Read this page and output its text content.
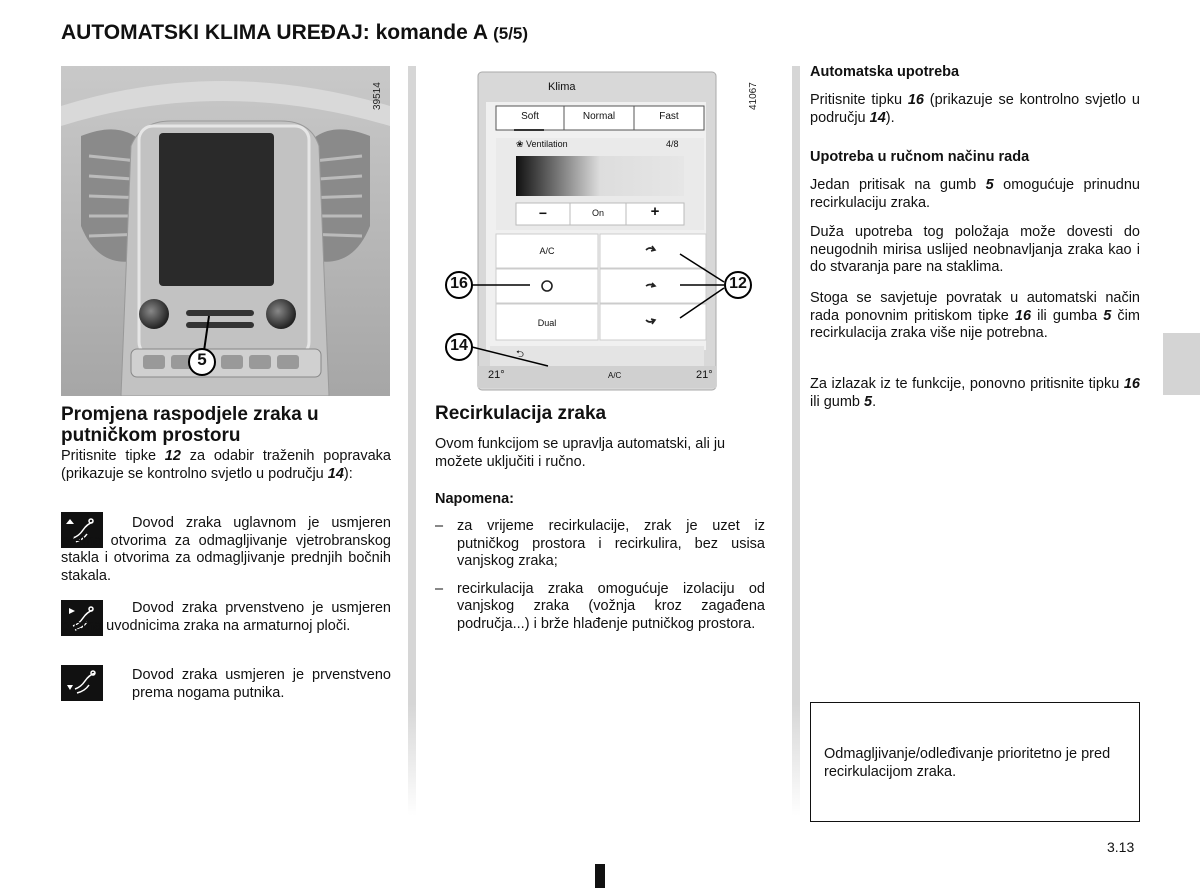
AUTOMATSKI KLIMA UREĐAJ: komande A (5/5)
5
39514	Klima
Soft	Normal	Fast
❀ Ventilation	4/8
−	On	+
A/C
Dual
⮌
21°	A/C	21°
16	12
14
41067
Promjena raspodjele zraka u putničkom prostoru
Pritisnite tipke 12 za odabir traženih popravaka (prikazuje se kontrolno svjetlo u području 14):
Dovod zraka uglavnom je usmjeren prema otvorima za odmagljivanje vjetrobranskog stakla i otvorima za odmagljivanje prednjih bočnih stakala.
Dovod zraka prvenstveno je usmjeren prema uvodnicima zraka na armaturnoj ploči.
Dovod zraka usmjeren je prvenstveno prema nogama putnika.
Recirkulacija zraka
Ovom funkcijom se upravlja automatski, ali ju možete uključiti i ručno.
Napomena:
– za vrijeme recirkulacije, zrak je uzet iz putničkog prostora i recirkulira, bez usisa vanjskog zraka;
– recirkulacija zraka omogućuje izolaciju od vanjskog zraka (vožnja kroz zagađena područja...) i brže hlađenje putničkog prostora.
Automatska upotreba
Pritisnite tipku 16 (prikazuje se kontrolno svjetlo u području 14).
Upotreba u ručnom načinu rada
Jedan pritisak na gumb 5 omogućuje prinudnu recirkulaciju zraka.
Duža upotreba tog položaja može dovesti do neugodnih mirisa uslijed neobnavljanja zraka kao i do stvaranja pare na staklima.
Stoga se savjetuje povratak u automatski način rada ponovnim pritiskom tipke 16 ili gumba 5 čim recirkulacija zraka više nije potrebna.
Za izlazak iz te funkcije, ponovno pritisnite tipku 16 ili gumb 5.
Odmagljivanje/odleđivanje prioritetno je pred recirkulacijom zraka.
3.13
